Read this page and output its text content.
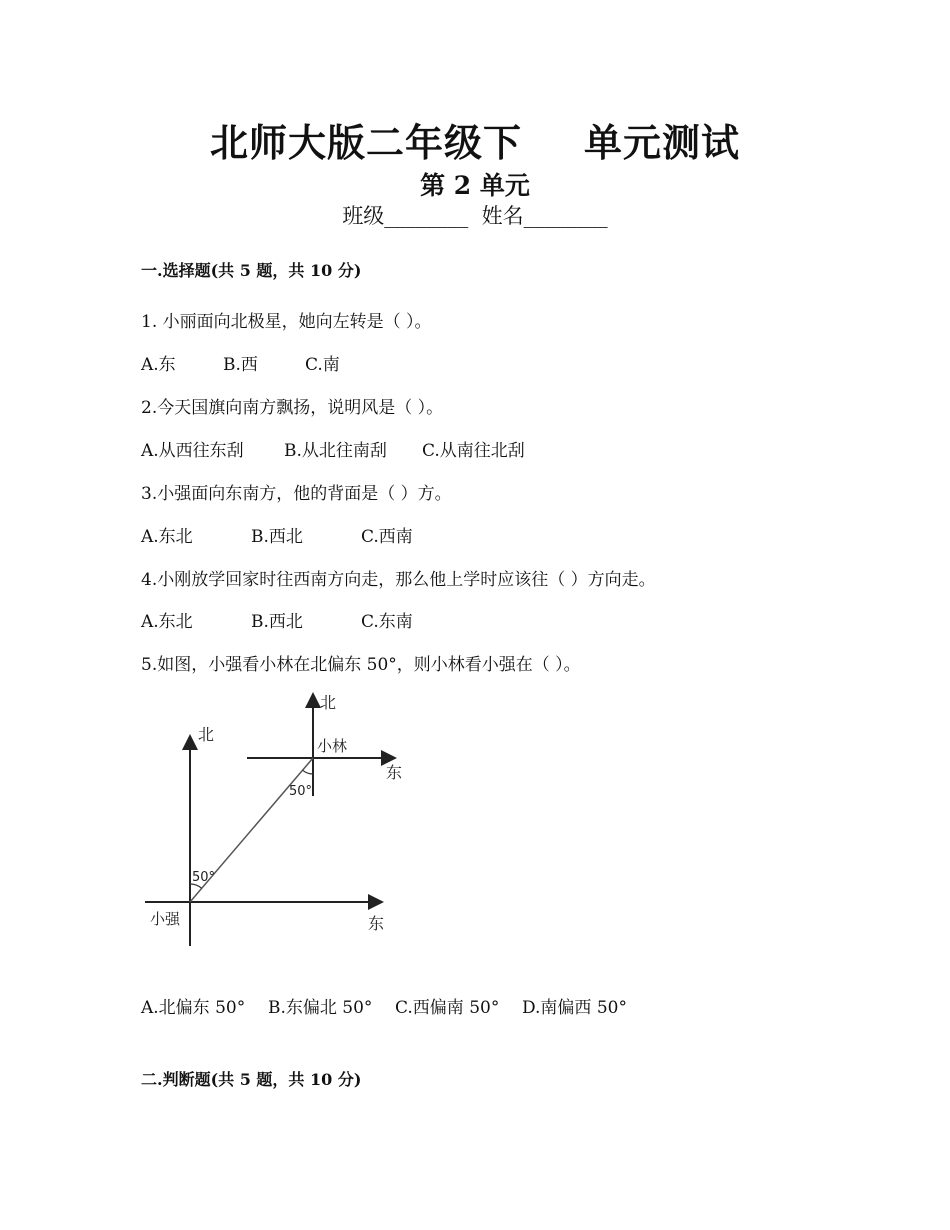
北师大版二年级下 单元测试
第 2 单元
班级________ 姓名________
一.选择题(共 5 题，共 10 分)
1. 小丽面向北极星，她向左转是（ ）。
A.东	B.西	C.南
2.今天国旗向南方飘扬，说明风是（ ）。
A.从西往东刮 B.从北往南刮 C.从南往北刮
3.小强面向东南方，他的背面是（ ）方。
A.东北	B.西北	C.西南
4.小刚放学回家时往西南方向走，那么他上学时应该往（ ）方向走。
A.东北	B.西北	C.东南
5.如图，小强看小林在北偏东 50°，则小林看小强在（ ）。
北
东
北
东
小强
小林
50°
50°
A.北偏东 50° B.东偏北 50° C.西偏南 50° D.南偏西 50°
二.判断题(共 5 题，共 10 分)
